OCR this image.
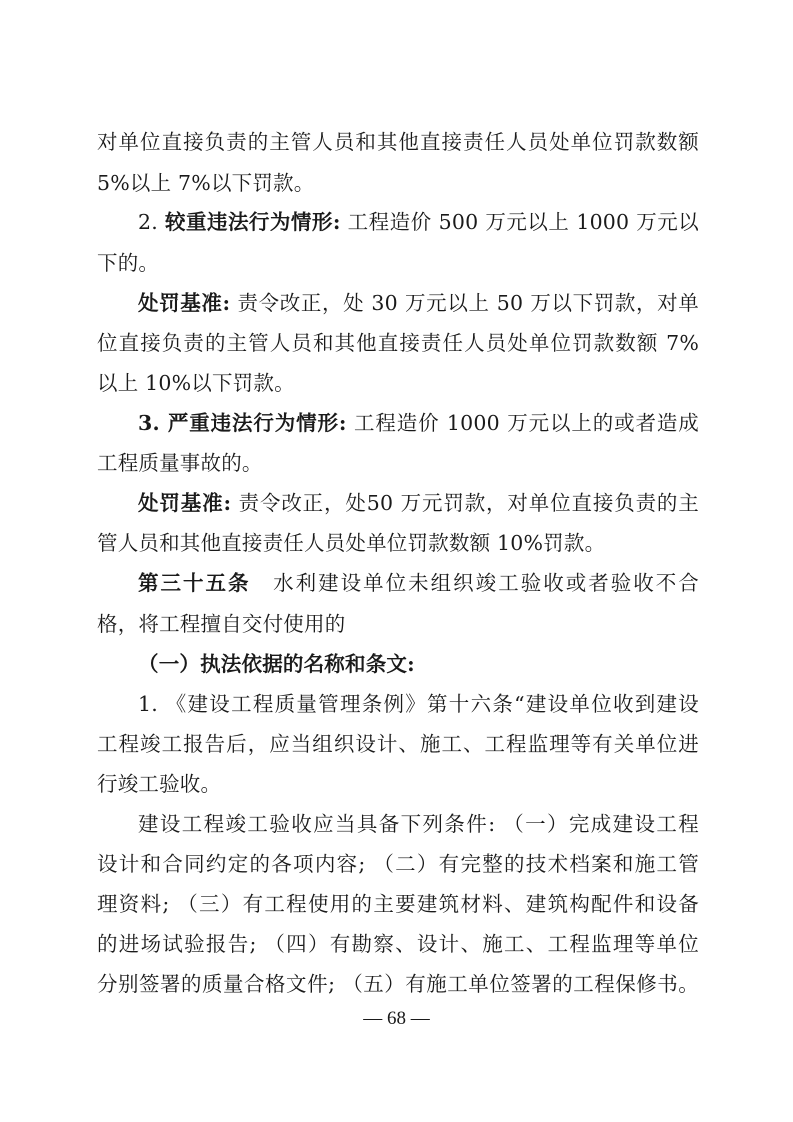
对单位直接负责的主管人员和其他直接责任人员处单位罚款数额
5%以上 7%以下罚款。
2. 较重违法行为情形: 工程造价 500 万元以上 1000 万元以
下的。
处罚基准: 责令改正，处 30 万元以上 50 万以下罚款，对单
位直接负责的主管人员和其他直接责任人员处单位罚款数额 7%
以上 10%以下罚款。
3. 严重违法行为情形: 工程造价 1000 万元以上的或者造成
工程质量事故的。
处罚基准: 责令改正，处50 万元罚款，对单位直接负责的主
管人员和其他直接责任人员处单位罚款数额 10%罚款。
第三十五条　水利建设单位未组织竣工验收或者验收不合
格，将工程擅自交付使用的
（一）执法依据的名称和条文:
1. 《建设工程质量管理条例》第十六条“建设单位收到建设
工程竣工报告后，应当组织设计、施工、工程监理等有关单位进
行竣工验收。
建设工程竣工验收应当具备下列条件: （一）完成建设工程
设计和合同约定的各项内容; （二）有完整的技术档案和施工管
理资料; （三）有工程使用的主要建筑材料、建筑构配件和设备
的进场试验报告; （四）有勘察、设计、施工、工程监理等单位
分别签署的质量合格文件; （五）有施工单位签署的工程保修书。
— 68 —
